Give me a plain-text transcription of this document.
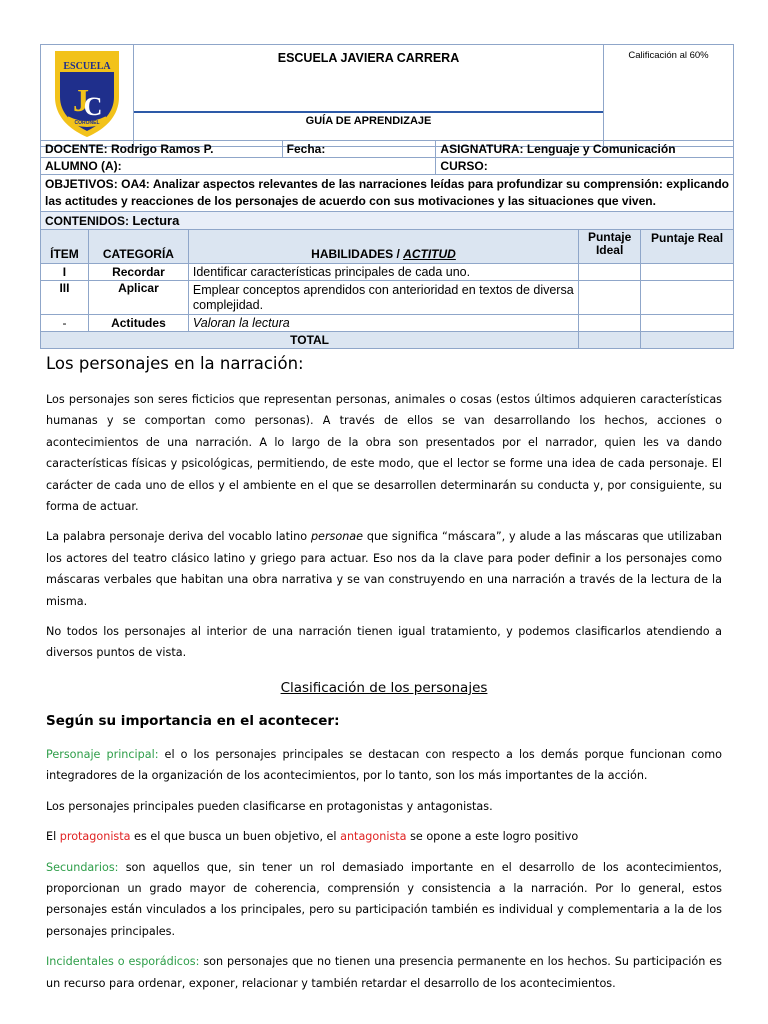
ESCUELA
J
C
CORONEL

ESCUELA JAVIERA CARRERA
GUÍA DE APRENDIZAJE
	Calificación al 60%
DOCENTE: Rodrigo Ramos P.	Fecha:	ASIGNATURA: Lenguaje y Comunicación
ALUMNO (A):		CURSO:
OBJETIVOS: OA4: Analizar aspectos relevantes de las narraciones leídas para profundizar su comprensión: explicando las actitudes y reacciones de los personajes de acuerdo con sus motivaciones y las situaciones que viven.		
CONTENIDOS: Lectura		
ÍTEM	CATEGORÍA	HABILIDADES / ACTITUD	Puntaje Ideal	Puntaje Real
I	Recordar	Identificar características principales de cada uno.		
III	Aplicar	Emplear conceptos aprendidos con anterioridad en textos de diversa complejidad.		
-	Actitudes	Valoran la lectura		
TOTAL				
Los personajes en la narración:

Los personajes son seres ficticios que representan personas, animales o cosas (estos últimos adquieren características humanas y se comportan como personas). A través de ellos se van desarrollando los hechos, acciones o acontecimientos de una narración. A lo largo de la obra son presentados por el narrador, quien les va dando características físicas y psicológicas, permitiendo, de este modo, que el lector se forme una idea de cada personaje. El carácter de cada uno de ellos y el ambiente en el que se desarrollen determinarán su conducta y, por consiguiente, su forma de actuar.

La palabra personaje deriva del vocablo latino personae que significa “máscara”, y alude a las máscaras que utilizaban los actores del teatro clásico latino y griego para actuar. Eso nos da la clave para poder definir a los personajes como máscaras verbales que habitan una obra narrativa y se van construyendo en una narración a través de la lectura de la misma.

No todos los personajes al interior de una narración tienen igual tratamiento, y podemos clasificarlos atendiendo a diversos puntos de vista.

Clasificación de los personajes
Según su importancia en el acontecer:

Personaje principal: el o los personajes principales se destacan con respecto a los demás porque funcionan como integradores de la organización de los acontecimientos, por lo tanto, son los más importantes de la acción.

Los personajes principales pueden clasificarse en protagonistas y antagonistas.

El protagonista es el que busca un buen objetivo, el antagonista se opone a este logro positivo

Secundarios: son aquellos que, sin tener un rol demasiado importante en el desarrollo de los acontecimientos, proporcionan un grado mayor de coherencia, comprensión y consistencia a la narración. Por lo general, estos personajes están vinculados a los principales, pero su participación también es individual y complementaria a la de los personajes principales.

Incidentales o esporádicos: son personajes que no tienen una presencia permanente en los hechos. Su participación es un recurso para ordenar, exponer, relacionar y también retardar el desarrollo de los acontecimientos.
